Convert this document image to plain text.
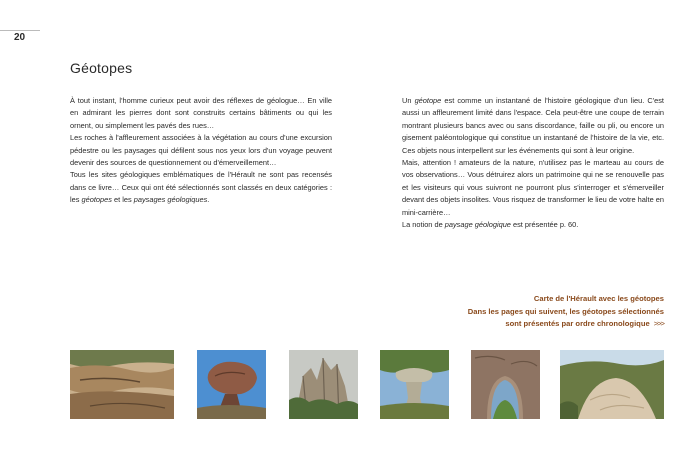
20
Géotopes

À tout instant, l'homme curieux peut avoir des réflexes de géologue… En ville en admirant les pierres dont sont construits certains bâtiments ou qui les ornent, ou simplement les pavés des rues…

Les roches à l'affleurement associées à la végétation au cours d'une excursion pédestre ou les paysages qui défilent sous nos yeux lors d'un voyage peuvent devenir des sources de questionnement ou d'émerveillement…

Tous les sites géologiques emblématiques de l'Hérault ne sont pas recensés dans ce livre… Ceux qui ont été sélectionnés sont classés en deux catégories : les géotopes et les paysages géologiques.

Un géotope est comme un instantané de l'histoire géologique d'un lieu. C'est aussi un affleurement limité dans l'espace. Cela peut-être une coupe de terrain montrant plusieurs bancs avec ou sans discordance, faille ou pli, ou encore un gisement paléontologique qui constitue un instantané de l'histoire de la vie, etc. Ces objets nous interpellent sur les événements qui sont à leur origine.

Mais, attention ! amateurs de la nature, n'utilisez pas le marteau au cours de vos observations… Vous détruirez alors un patrimoine qui ne se renouvelle pas et les visiteurs qui vous suivront ne pourront plus s'interroger et s'émerveiller devant des objets insolites. Vous risquez de transformer le lieu de votre halte en mini-carrière…

La notion de paysage géologique est présentée p. 60.

Carte de l'Hérault avec les géotopes
Dans les pages qui suivent, les géotopes sélectionnés
sont présentés par ordre chronologique >>>
